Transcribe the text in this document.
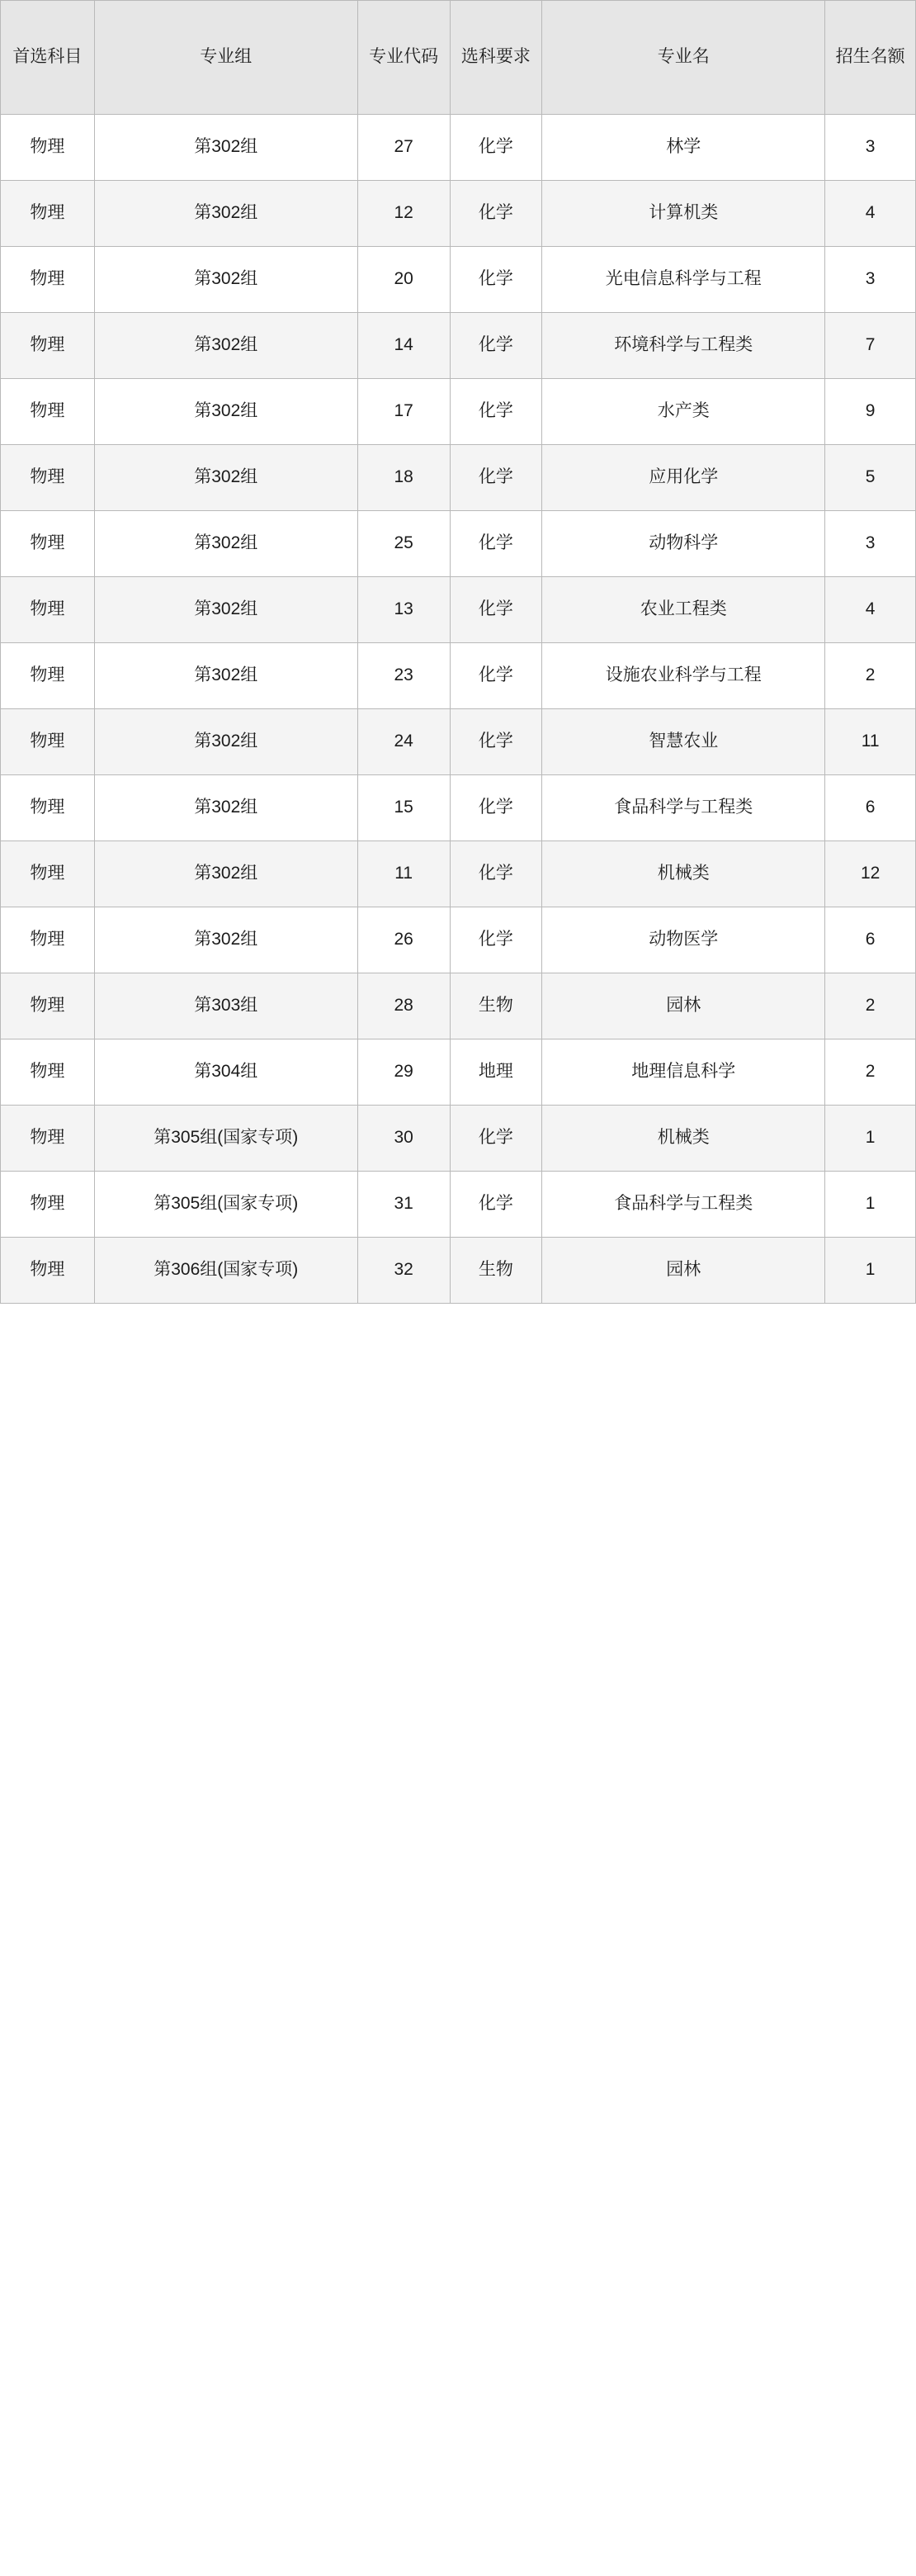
首选科目	专业组	专业代码	选科要求	专业名	招生名额
物理	第302组	27	化学	林学	3
物理	第302组	12	化学	计算机类	4
物理	第302组	20	化学	光电信息科学与工程	3
物理	第302组	14	化学	环境科学与工程类	7
物理	第302组	17	化学	水产类	9
物理	第302组	18	化学	应用化学	5
物理	第302组	25	化学	动物科学	3
物理	第302组	13	化学	农业工程类	4
物理	第302组	23	化学	设施农业科学与工程	2
物理	第302组	24	化学	智慧农业	11
物理	第302组	15	化学	食品科学与工程类	6
物理	第302组	11	化学	机械类	12
物理	第302组	26	化学	动物医学	6
物理	第303组	28	生物	园林	2
物理	第304组	29	地理	地理信息科学	2
物理	第305组(国家专项)	30	化学	机械类	1
物理	第305组(国家专项)	31	化学	食品科学与工程类	1
物理	第306组(国家专项)	32	生物	园林	1
